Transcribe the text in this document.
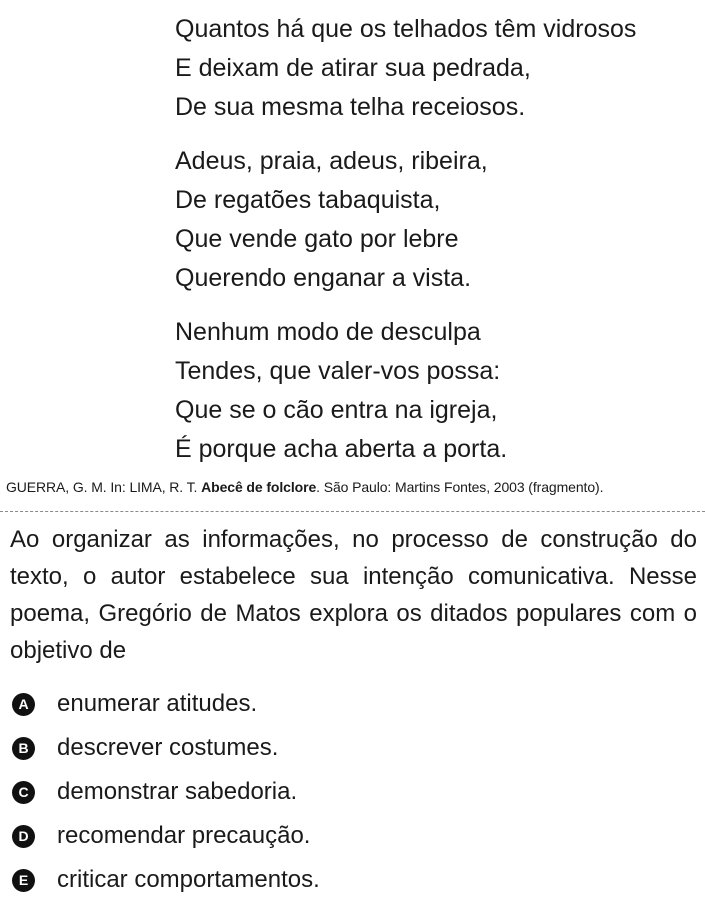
Quantos há que os telhados têm vidrosos
E deixam de atirar sua pedrada,
De sua mesma telha receiosos.
Adeus, praia, adeus, ribeira,
De regatões tabaquista,
Que vende gato por lebre
Querendo enganar a vista.
Nenhum modo de desculpa
Tendes, que valer-vos possa:
Que se o cão entra na igreja,
É porque acha aberta a porta.
GUERRA, G. M. In: LIMA, R. T. Abecê de folclore. São Paulo: Martins Fontes, 2003 (fragmento).

Ao organizar as informações, no processo de construção do texto, o autor estabelece sua intenção comunicativa. Nesse poema, Gregório de Matos explora os ditados populares com o objetivo de

A enumerar atitudes.
B descrever costumes.
C demonstrar sabedoria.
D recomendar precaução.
E criticar comportamentos.
